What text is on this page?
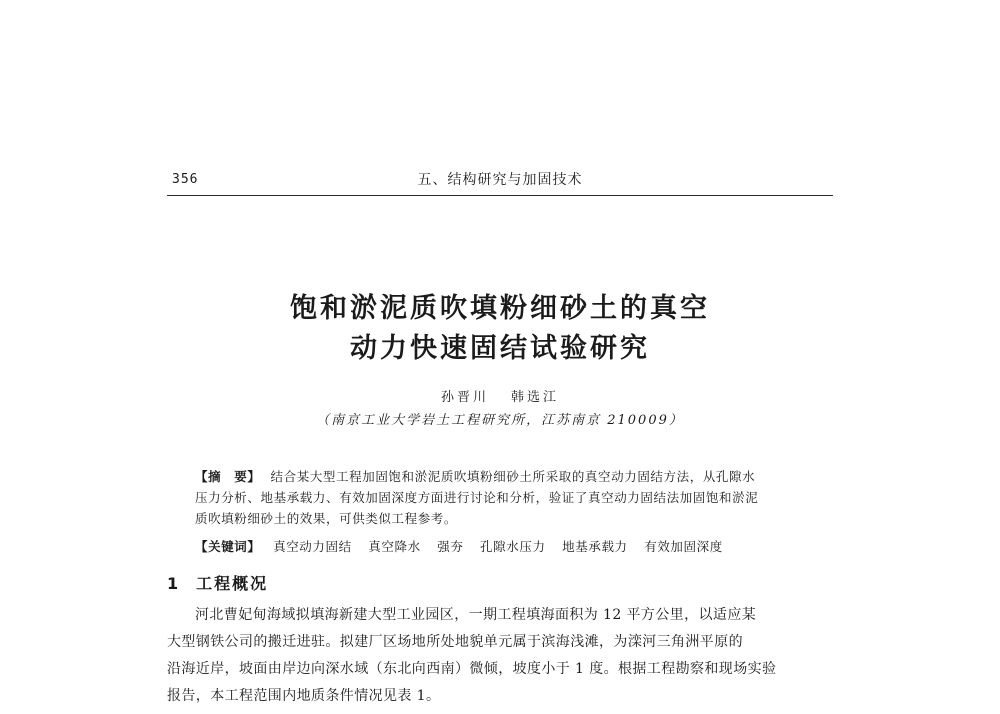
356	五、结构研究与加固技术
饱和淤泥质吹填粉细砂土的真空
动力快速固结试验研究
孙晋川 韩选江
（南京工业大学岩土工程研究所，江苏南京 210009）
【摘　要】 结合某大型工程加固饱和淤泥质吹填粉细砂土所采取的真空动力固结方法，从孔隙水
压力分析、地基承载力、有效加固深度方面进行讨论和分析，验证了真空动力固结法加固饱和淤泥
质吹填粉细砂土的效果，可供类似工程参考。
【关键词】 真空动力固结 真空降水 强夯 孔隙水压力 地基承载力 有效加固深度
1 工程概况
河北曹妃甸海域拟填海新建大型工业园区，一期工程填海面积为 12 平方公里，以适应某
大型钢铁公司的搬迁进驻。拟建厂区场地所处地貌单元属于滨海浅滩，为滦河三角洲平原的
沿海近岸，坡面由岸边向深水域（东北向西南）微倾，坡度小于 1 度。根据工程勘察和现场实验
报告，本工程范围内地质条件情况见表 1。
